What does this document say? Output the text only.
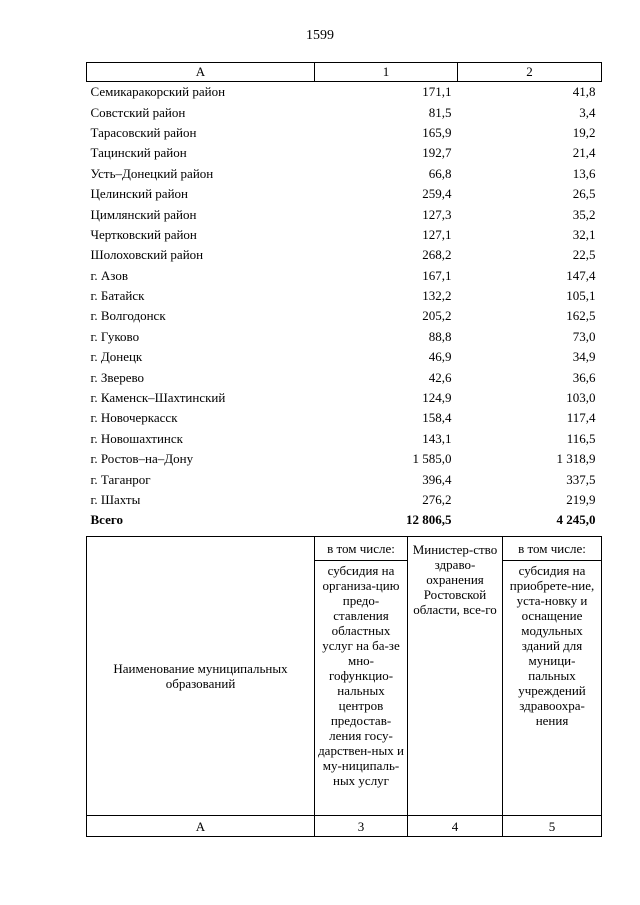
1599
А	1	2
Семикаракорский район	171,1	41,8
Совстский район	81,5	3,4
Тарасовский район	165,9	19,2
Тацинский район	192,7	21,4
Усть–Донецкий район	66,8	13,6
Целинский район	259,4	26,5
Цимлянский район	127,3	35,2
Чертковский район	127,1	32,1
Шолоховский район	268,2	22,5
г. Азов	167,1	147,4
г. Батайск	132,2	105,1
г. Волгодонск	205,2	162,5
г. Гуково	88,8	73,0
г. Донецк	46,9	34,9
г. Зверево	42,6	36,6
г. Каменск–Шахтинский	124,9	103,0
г. Новочеркасск	158,4	117,4
г. Новошахтинск	143,1	116,5
г. Ростов–на–Дону	1 585,0	1 318,9
г. Таганрог	396,4	337,5
г. Шахты	276,2	219,9
Всего	12 806,5	4 245,0
Наименование муниципальных образований	в том числе:	Министер-ство здраво-охранения Ростовской области, все-го	в том числе:

	субсидия на организа-цию предо-ставления областных услуг на ба-зе мно-гофункцио-нальных центров предостав-ления госу-дарствен-ных и му-ниципаль-ных услуг		субсидия на приобрете-ние, уста-новку и оснащение модульных зданий для муници-пальных учреждений здравоохра-нения

А	3	4	5
